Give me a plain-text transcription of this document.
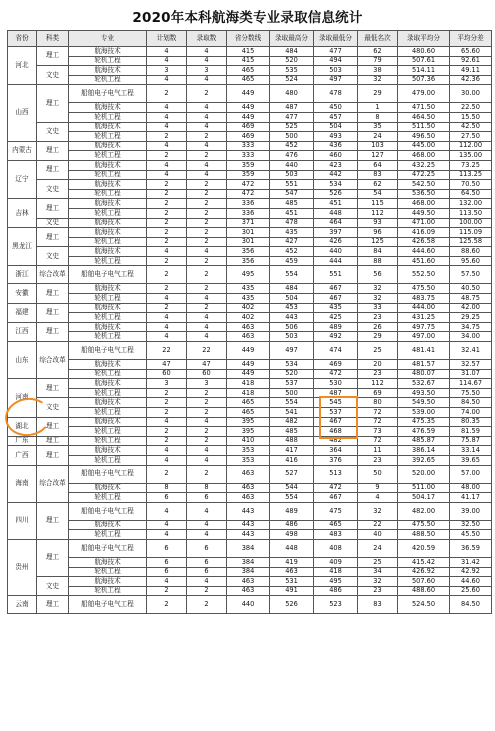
2020年本科航海类专业录取信息统计
省份	科类	专业	计划数	录取数	省分数线	录取最高分	录取最低分	最低名次	录取平均分	平均分差
河北	理工	航海技术	4	4	415	484	477	62	480.60	65.60
		轮机工程	4	4	415	520	494	79	507.61	92.61
	文史	航海技术	3	3	465	535	503	38	514.11	49.11
		轮机工程	4	4	465	524	497	32	507.36	42.36
山西	理工	船舶电子电气工程	2	2	449	480	478	29	479.00	30.00
		航海技术	4	4	449	487	450	1	471.50	22.50
		轮机工程	4	4	449	477	457	8	464.50	15.50
	文史	航海技术	4	4	469	525	504	35	511.50	42.50
		轮机工程	2	2	469	500	493	24	496.50	27.50
内蒙古	理工	航海技术	4	4	333	452	436	103	445.00	112.00
		轮机工程	2	2	333	476	460	127	468.00	135.00
辽宁	理工	航海技术	4	4	359	440	423	64	432.25	73.25
		轮机工程	4	4	359	503	442	83	472.25	113.25
	文史	航海技术	2	2	472	551	534	62	542.50	70.50
		轮机工程	2	2	472	547	526	54	536.50	64.50
吉林	理工	航海技术	2	2	336	485	451	115	468.00	132.00
		轮机工程	2	2	336	451	448	112	449.50	113.50
	文史	航海技术	2	2	371	478	464	93	471.00	100.00
黑龙江	理工	航海技术	2	2	301	435	397	96	416.09	115.09
		轮机工程	2	2	301	427	426	125	426.58	125.58
	文史	航海技术	4	4	356	452	440	84	444.60	88.60
		轮机工程	2	2	356	459	444	88	451.60	95.60
浙江	综合改革	船舶电子电气工程	2	2	495	554	551	56	552.50	57.50
安徽	理工	航海技术	2	2	435	484	467	32	475.50	40.50
		轮机工程	4	4	435	504	467	32	483.75	48.75
福建	理工	航海技术	2	2	402	453	435	33	444.00	42.00
		轮机工程	4	4	402	443	425	23	431.25	29.25
江西	理工	航海技术	4	4	463	506	489	26	497.75	34.75
		轮机工程	4	4	463	503	492	29	497.00	34.00
山东	综合改革	船舶电子电气工程	22	22	449	497	474	25	481.41	32.41
		航海技术	47	47	449	534	469	20	481.57	32.57
		轮机工程	60	60	449	520	472	23	480.07	31.07
河南	理工	航海技术	3	3	418	537	530	112	532.67	114.67
		轮机工程	2	2	418	500	487	69	493.50	75.50
	文史	航海技术	2	2	465	554	545	80	549.50	84.50
		轮机工程	2	2	465	541	537	72	539.00	74.00
湖北	理工	航海技术	4	4	395	482	467	72	475.35	80.35
		轮机工程	2	2	395	485	468	73	476.59	81.59
广东	理工	轮机工程	2	2	410	488	482	72	485.87	75.87
广西	理工	航海技术	4	4	353	417	364	11	386.14	33.14
		轮机工程	4	4	353	416	376	23	392.65	39.65
海南	综合改革	船舶电子电气工程	2	2	463	527	513	50	520.00	57.00
		航海技术	8	8	463	544	472	9	511.00	48.00
		轮机工程	6	6	463	554	467	4	504.17	41.17
四川	理工	船舶电子电气工程	4	4	443	489	475	32	482.00	39.00
		航海技术	4	4	443	486	465	22	475.50	32.50
		轮机工程	4	4	443	498	483	40	488.50	45.50
贵州	理工	船舶电子电气工程	6	6	384	448	408	24	420.59	36.59
		航海技术	6	6	384	419	409	25	415.42	31.42
		轮机工程	6	6	384	463	418	34	426.92	42.92
	文史	航海技术	4	4	463	531	495	32	507.60	44.60
		轮机工程	2	2	463	491	486	23	488.60	25.60
云南	理工	船舶电子电气工程	2	2	440	526	523	83	524.50	84.50
